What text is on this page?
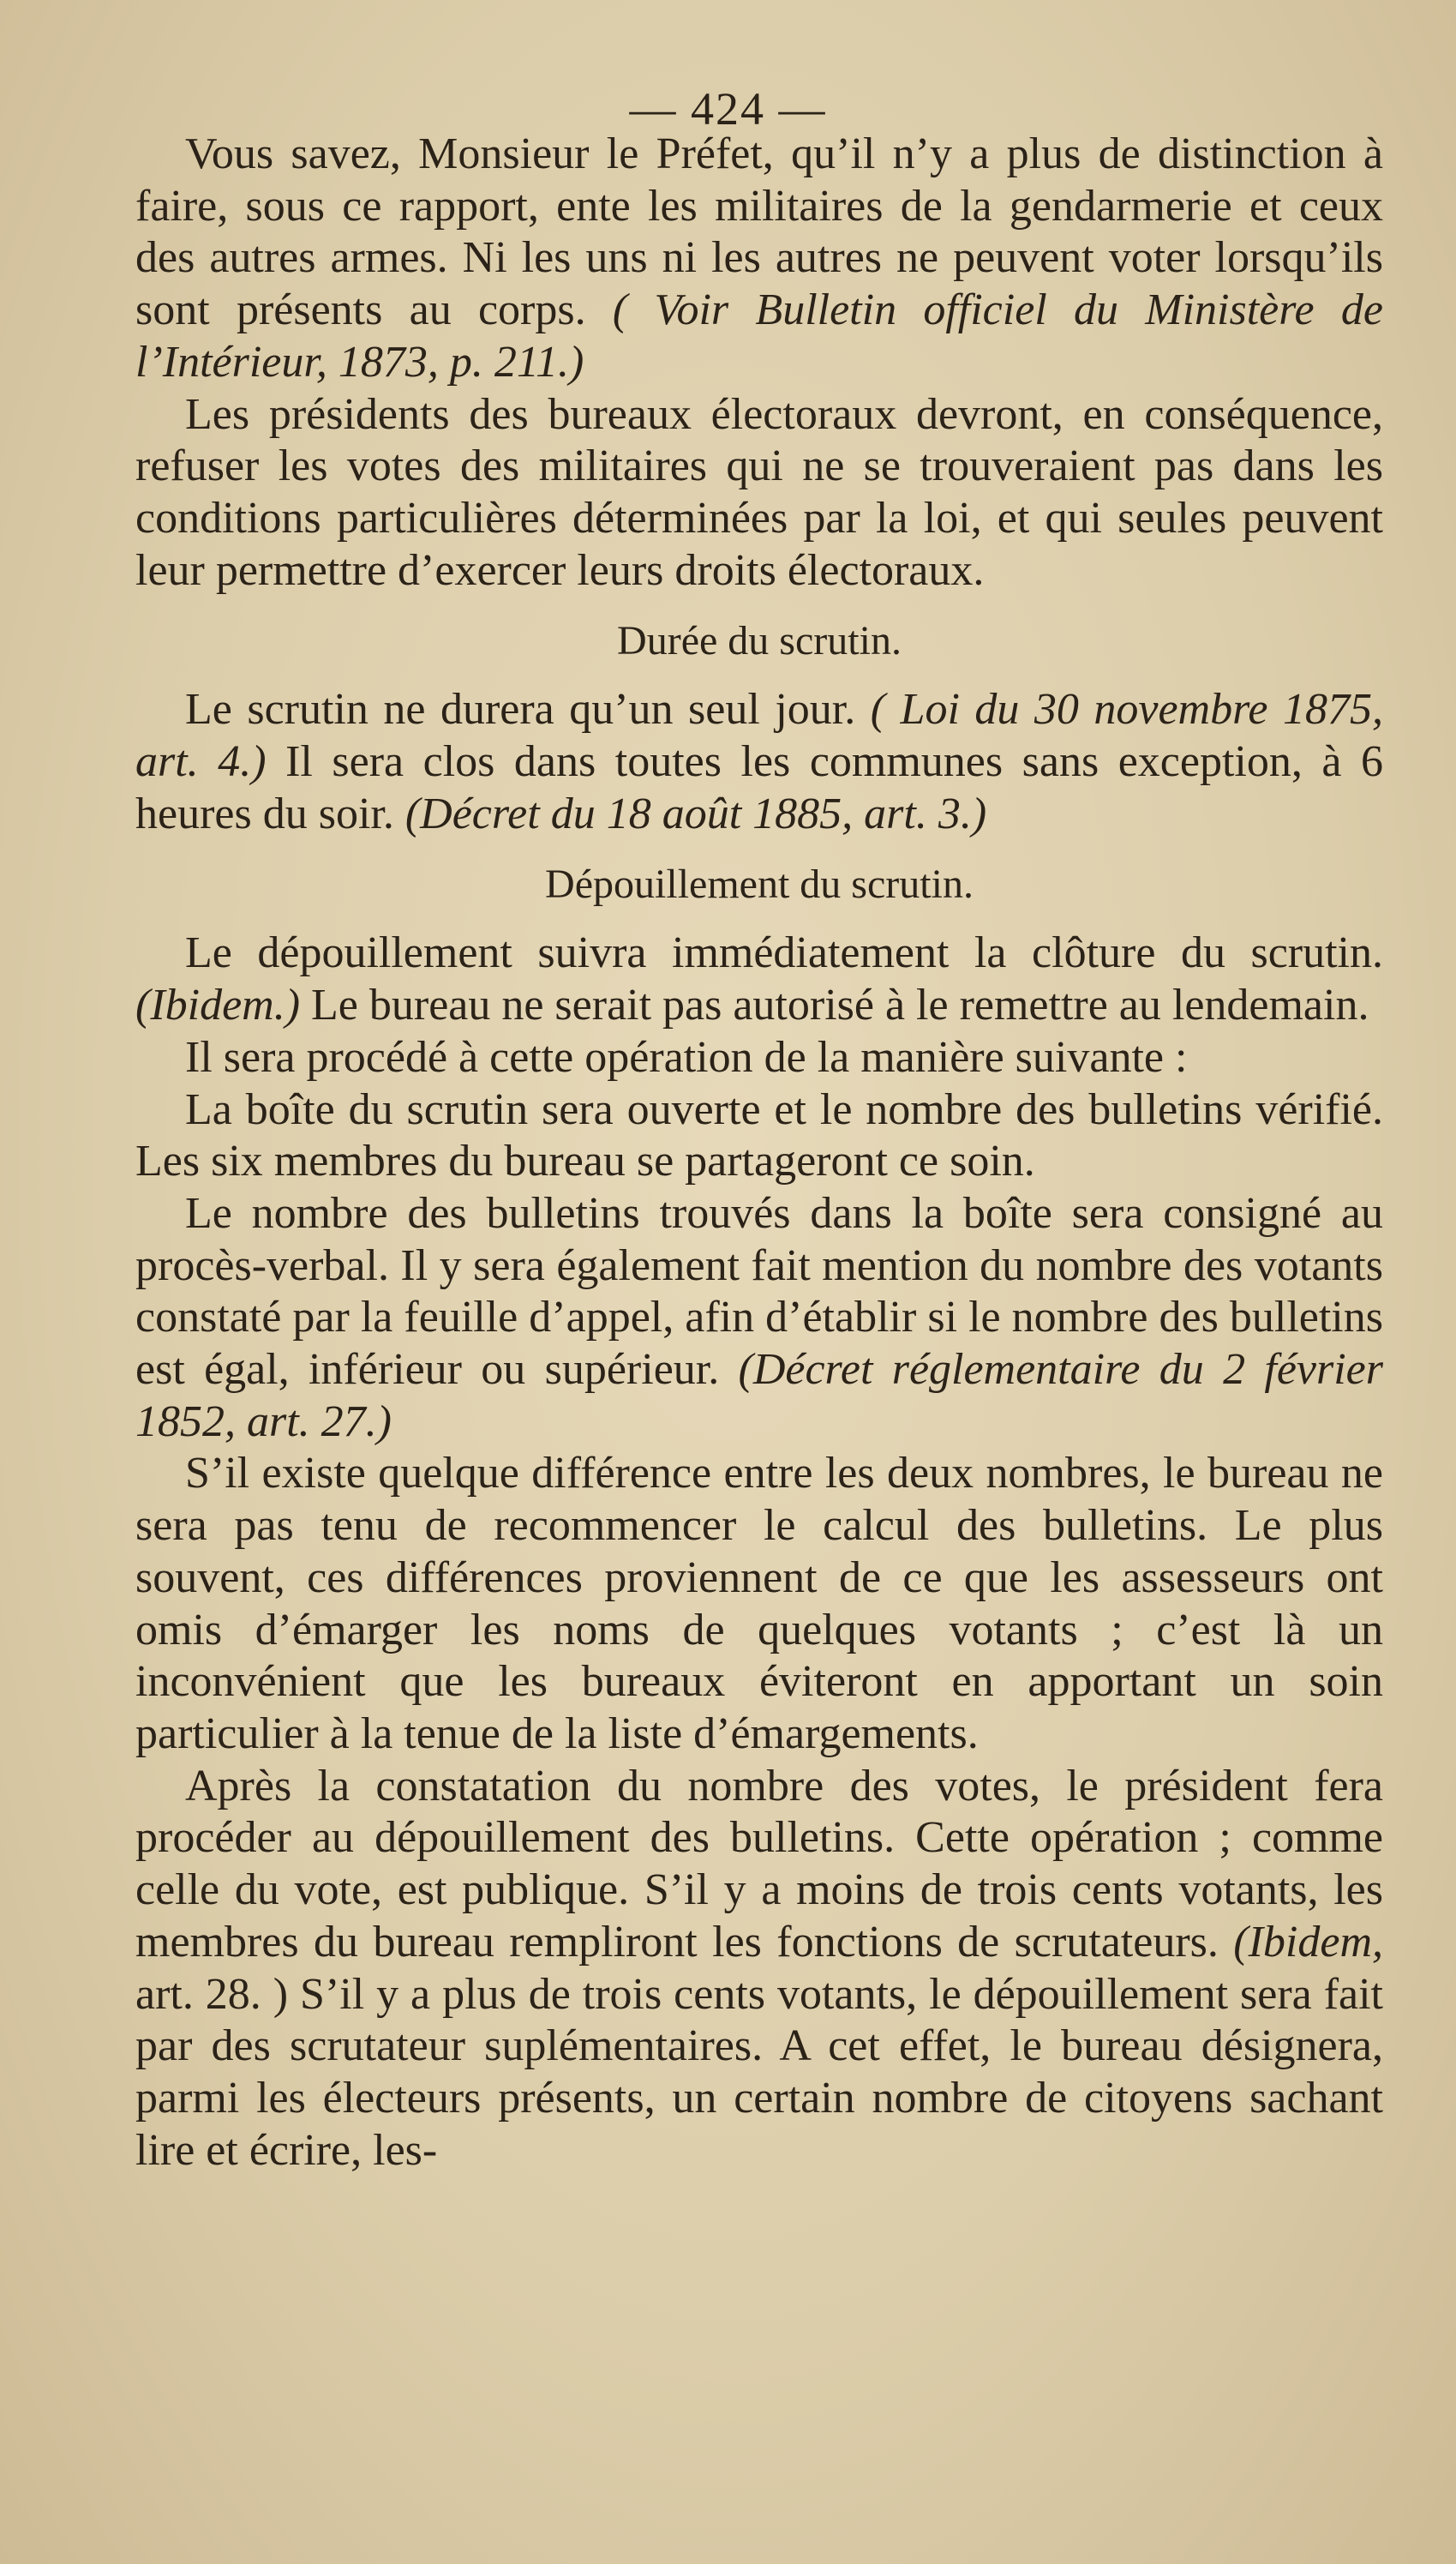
— 424 —

Vous savez, Monsieur le Préfet, qu’il n’y a plus de distinction à faire, sous ce rapport, ente les militaires de la gendarmerie et ceux des autres armes. Ni les uns ni les autres ne peuvent voter lorsqu’ils sont présents au corps. ( Voir Bulletin officiel du Ministère de l’Intérieur, 1873, p. 211.)

Les présidents des bureaux électoraux devront, en conséquence, refuser les votes des militaires qui ne se trouveraient pas dans les conditions particulières déterminées par la loi, et qui seules peuvent leur permettre d’exercer leurs droits électoraux.

Durée du scrutin.

Le scrutin ne durera qu’un seul jour. ( Loi du 30 novembre 1875, art. 4.) Il sera clos dans toutes les communes sans exception, à 6 heures du soir. (Décret du 18 août 1885, art. 3.)

Dépouillement du scrutin.

Le dépouillement suivra immédiatement la clôture du scrutin. (Ibidem.) Le bureau ne serait pas autorisé à le remettre au lendemain.

Il sera procédé à cette opération de la manière suivante :

La boîte du scrutin sera ouverte et le nombre des bulletins vérifié. Les six membres du bureau se partageront ce soin.

Le nombre des bulletins trouvés dans la boîte sera consigné au procès-verbal. Il y sera également fait mention du nombre des votants constaté par la feuille d’appel, afin d’établir si le nombre des bulletins est égal, inférieur ou supérieur. (Décret réglementaire du 2 février 1852, art. 27.)

S’il existe quelque différence entre les deux nombres, le bureau ne sera pas tenu de recommencer le calcul des bulletins. Le plus souvent, ces différences proviennent de ce que les assesseurs ont omis d’émarger les noms de quelques votants ; c’est là un inconvénient que les bureaux éviteront en apportant un soin particulier à la tenue de la liste d’émargements.

Après la constatation du nombre des votes, le président fera procéder au dépouillement des bulletins. Cette opération ; comme celle du vote, est publique. S’il y a moins de trois cents votants, les membres du bureau rempliront les fonctions de scrutateurs. (Ibidem, art. 28. ) S’il y a plus de trois cents votants, le dépouillement sera fait par des scrutateur suplémentaires. A cet effet, le bureau désignera, parmi les électeurs présents, un certain nombre de citoyens sachant lire et écrire, les-
